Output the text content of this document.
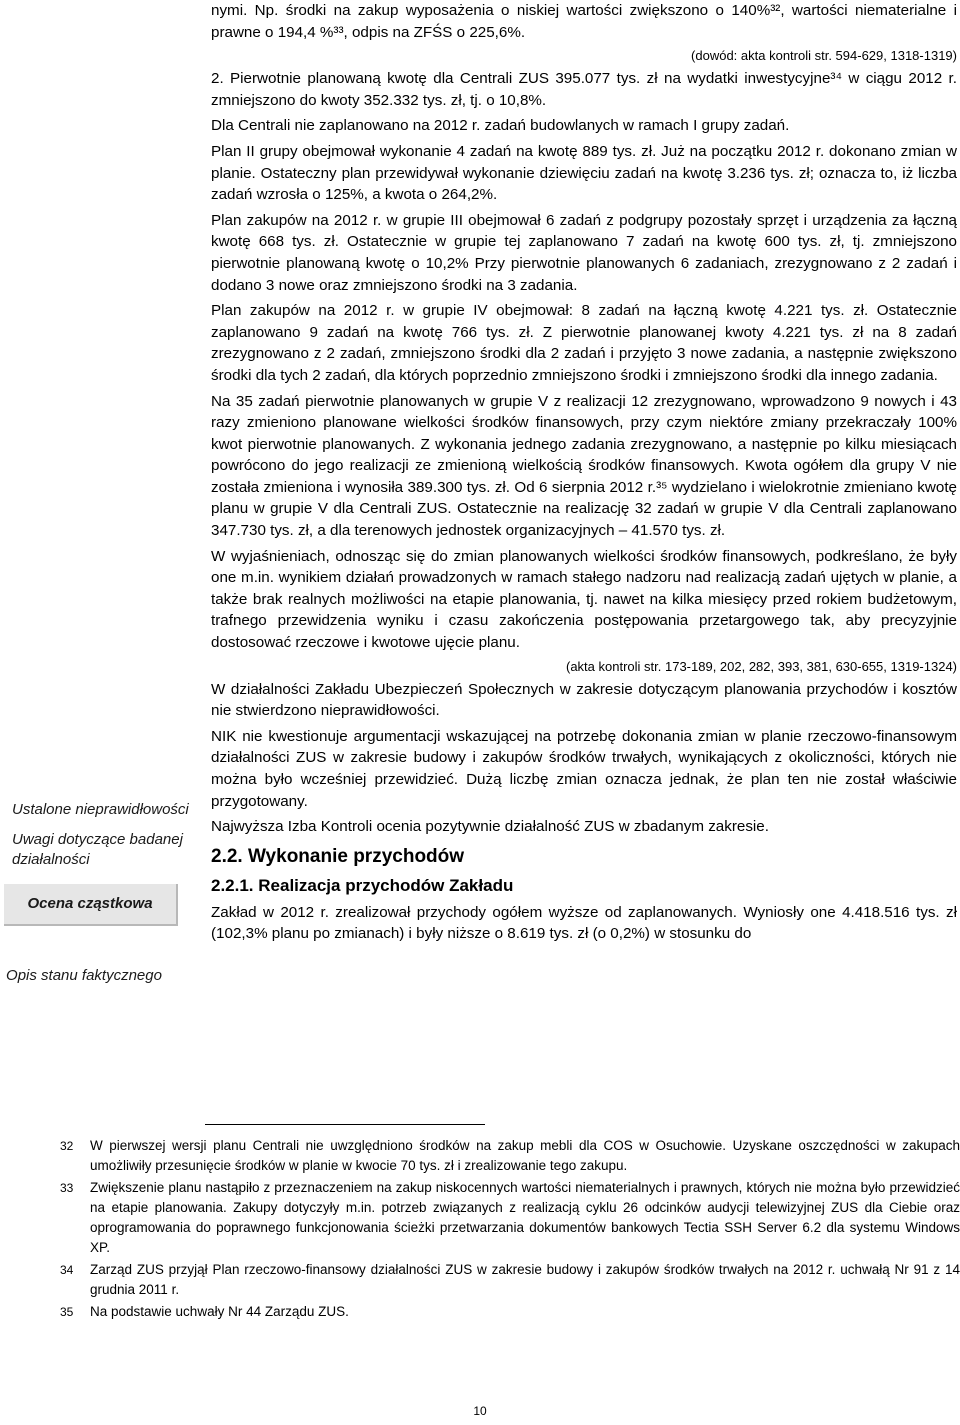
nymi. Np. środki na zakup wyposażenia o niskiej wartości zwiększono o 140%³², wartości niematerialne i prawne o 194,4 %³³, odpis na ZFŚS o 225,6%.

(dowód: akta kontroli str. 594-629, 1318-1319)

2. Pierwotnie planowaną kwotę dla Centrali ZUS 395.077 tys. zł na wydatki inwestycyjne³⁴ w ciągu 2012 r. zmniejszono do kwoty 352.332 tys. zł, tj. o 10,8%.

Dla Centrali nie zaplanowano na 2012 r. zadań budowlanych w ramach I grupy zadań.

Plan II grupy obejmował wykonanie 4 zadań na kwotę 889 tys. zł. Już na początku 2012 r. dokonano zmian w planie. Ostateczny plan przewidywał wykonanie dziewięciu zadań na kwotę 3.236 tys. zł; oznacza to, iż liczba zadań wzrosła o 125%, a kwota o 264,2%.

Plan zakupów na 2012 r. w grupie III obejmował 6 zadań z podgrupy pozostały sprzęt i urządzenia za łączną kwotę 668 tys. zł. Ostatecznie w grupie tej zaplanowano 7 zadań na kwotę 600 tys. zł, tj. zmniejszono pierwotnie planowaną kwotę o 10,2% Przy pierwotnie planowanych 6 zadaniach, zrezygnowano z 2 zadań i dodano 3 nowe oraz zmniejszono środki na 3 zadania.

Plan zakupów na 2012 r. w grupie IV obejmował: 8 zadań na łączną kwotę 4.221 tys. zł. Ostatecznie zaplanowano 9 zadań na kwotę 766 tys. zł. Z pierwotnie planowanej kwoty 4.221 tys. zł na 8 zadań zrezygnowano z 2 zadań, zmniejszono środki dla 2 zadań i przyjęto 3 nowe zadania, a następnie zwiększono środki dla tych 2 zadań, dla których poprzednio zmniejszono środki i zmniejszono środki dla innego zadania.

Na 35 zadań pierwotnie planowanych w grupie V z realizacji 12 zrezygnowano, wprowadzono 9 nowych i 43 razy zmieniono planowane wielkości środków finansowych, przy czym niektóre zmiany przekraczały 100% kwot pierwotnie planowanych. Z wykonania jednego zadania zrezygnowano, a następnie po kilku miesiącach powrócono do jego realizacji ze zmienioną wielkością środków finansowych. Kwota ogółem dla grupy V nie została zmieniona i wynosiła 389.300 tys. zł. Od 6 sierpnia 2012 r.³⁵ wydzielano i wielokrotnie zmieniano kwotę planu w grupie V dla Centrali ZUS. Ostatecznie na realizację 32 zadań w grupie V dla Centrali zaplanowano 347.730 tys. zł, a dla terenowych jednostek organizacyjnych – 41.570 tys. zł.

W wyjaśnieniach, odnosząc się do zmian planowanych wielkości środków finansowych, podkreślano, że były one m.in. wynikiem działań prowadzonych w ramach stałego nadzoru nad realizacją zadań ujętych w planie, a także brak realnych możliwości na etapie planowania, tj. nawet na kilka miesięcy przed rokiem budżetowym, trafnego przewidzenia wyniku i czasu zakończenia postępowania przetargowego tak, aby precyzyjnie dostosować rzeczowe i kwotowe ujęcie planu.

(akta kontroli str. 173-189, 202, 282, 393, 381, 630-655, 1319-1324)

W działalności Zakładu Ubezpieczeń Społecznych w zakresie dotyczącym planowania przychodów i kosztów nie stwierdzono nieprawidłowości.

NIK nie kwestionuje argumentacji wskazującej na potrzebę dokonania zmian w planie rzeczowo-finansowym działalności ZUS w zakresie budowy i zakupów środków trwałych, wynikających z okoliczności, których nie można było wcześniej przewidzieć. Dużą liczbę zmian oznacza jednak, że plan ten nie został właściwie przygotowany.

Najwyższa Izba Kontroli ocenia pozytywnie działalność ZUS w zbadanym zakresie.

2.2. Wykonanie przychodów
2.2.1. Realizacja przychodów Zakładu

Zakład w 2012 r. zrealizował przychody ogółem wyższe od zaplanowanych. Wyniosły one 4.418.516 tys. zł (102,3% planu po zmianach) i były niższe o 8.619 tys. zł (o 0,2%) w stosunku do

Ustalone nieprawidłowości
Uwagi dotyczące badanej działalności
Ocena cząstkowa
Opis stanu faktycznego
32	W pierwszej wersji planu Centrali nie uwzględniono środków na zakup mebli dla COS w Osuchowie. Uzyskane oszczędności w zakupach umożliwiły przesunięcie środków w planie w kwocie 70 tys. zł i zrealizowanie tego zakupu.
33	Zwiększenie planu nastąpiło z przeznaczeniem na zakup niskocennych wartości niematerialnych i prawnych, których nie można było przewidzieć na etapie planowania. Zakupy dotyczyły m.in. potrzeb związanych z realizacją cyklu 26 odcinków audycji telewizyjnej ZUS dla Ciebie oraz oprogramowania do poprawnego funkcjonowania ścieżki przetwarzania dokumentów bankowych Tectia SSH Server 6.2 dla systemu Windows XP.
34	Zarząd ZUS przyjął Plan rzeczowo-finansowy działalności ZUS w zakresie budowy i zakupów środków trwałych na 2012 r. uchwałą Nr 91 z 14 grudnia 2011 r.
35	Na podstawie uchwały Nr 44 Zarządu ZUS.
10
